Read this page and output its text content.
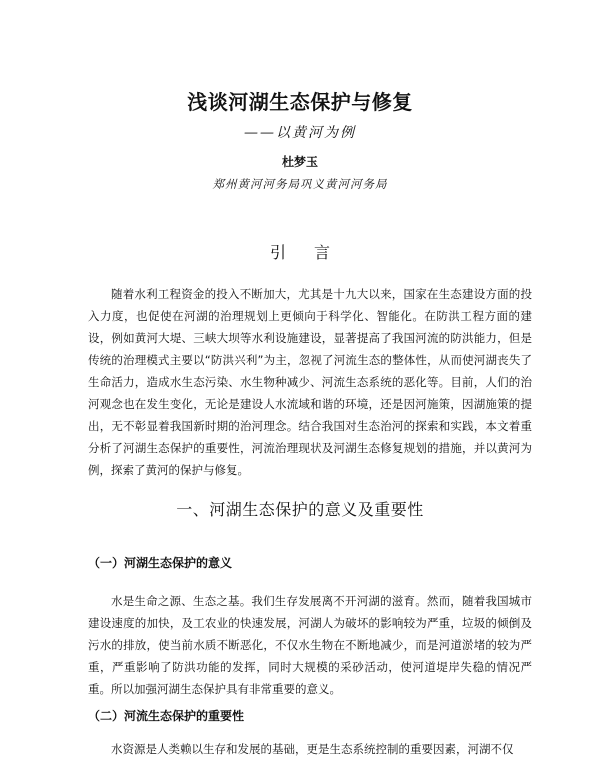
浅谈河湖生态保护与修复
——以黄河为例
杜梦玉
郑州黄河河务局巩义黄河河务局
引言
随着水利工程资金的投入不断加大，尤其是十九大以来，国家在生态建设方面的投入力度，也促使在河湖的治理规划上更倾向于科学化、智能化。在防洪工程方面的建设，例如黄河大堤、三峡大坝等水利设施建设，显著提高了我国河流的防洪能力，但是传统的治理模式主要以“防洪兴利”为主，忽视了河流生态的整体性，从而使河湖丧失了生命活力，造成水生态污染、水生物种减少、河流生态系统的恶化等。目前，人们的治河观念也在发生变化，无论是建设人水流域和谐的环境，还是因河施策，因湖施策的提出，无不彰显着我国新时期的治河理念。结合我国对生态治河的探索和实践，本文着重分析了河湖生态保护的重要性，河流治理现状及河湖生态修复规划的措施，并以黄河为例，探索了黄河的保护与修复。
一、河湖生态保护的意义及重要性
（一）河湖生态保护的意义
水是生命之源、生态之基。我们生存发展离不开河湖的滋育。然而，随着我国城市建设速度的加快，及工农业的快速发展，河湖人为破坏的影响较为严重，垃圾的倾倒及污水的排放，使当前水质不断恶化，不仅水生物在不断地减少，而是河道淤堵的较为严重，严重影响了防洪功能的发挥，同时大规模的采砂活动，使河道堤岸失稳的情况严重。所以加强河湖生态保护具有非常重要的意义。
（二）河流生态保护的重要性
水资源是人类赖以生存和发展的基础，更是生态系统控制的重要因素，河湖不仅
